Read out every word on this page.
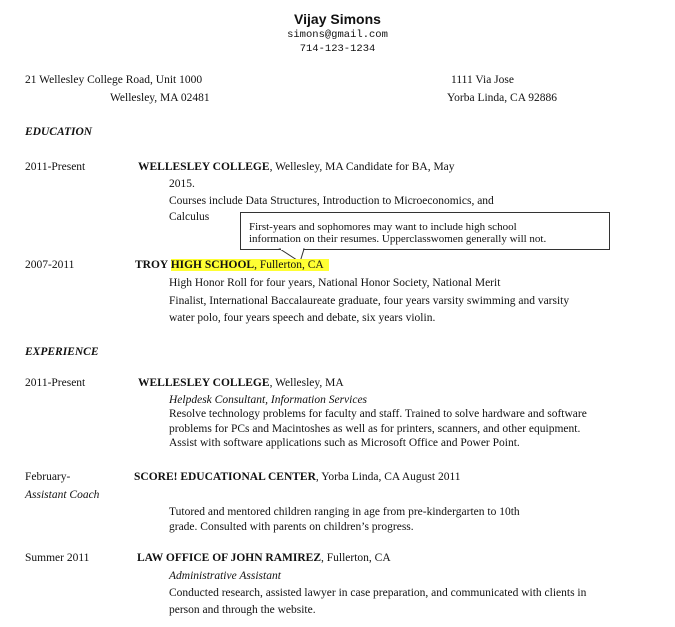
Vijay Simons
simons@gmail.com
714-123-1234
21 Wellesley College Road, Unit 1000
Wellesley, MA 02481
1111 Via Jose
Yorba Linda, CA 92886
EDUCATION
2011-Present	WELLESLEY COLLEGE, Wellesley, MA Candidate for BA, May
2015.
Courses include Data Structures, Introduction to Microeconomics, and
Calculus
First-years and sophomores may want to include high school
information on their resumes. Upperclasswomen generally will not.
2007-2011	TROY HIGH SCHOOL, Fullerton, CA
High Honor Roll for four years, National Honor Society, National Merit
Finalist, International Baccalaureate graduate, four years varsity swimming and varsity
water polo, four years speech and debate, six years violin.
EXPERIENCE
2011-Present	WELLESLEY COLLEGE, Wellesley, MA
Helpdesk Consultant, Information Services
Resolve technology problems for faculty and staff. Trained to solve hardware and software
problems for PCs and Macintoshes as well as for printers, scanners, and other equipment.
Assist with software applications such as Microsoft Office and Power Point.
February-	SCORE! EDUCATIONAL CENTER, Yorba Linda, CA August 2011
Assistant Coach
Tutored and mentored children ranging in age from pre-kindergarten to 10th
grade. Consulted with parents on children’s progress.
Summer 2011	LAW OFFICE OF JOHN RAMIREZ, Fullerton, CA
Administrative Assistant
Conducted research, assisted lawyer in case preparation, and communicated with clients in
person and through the website.
